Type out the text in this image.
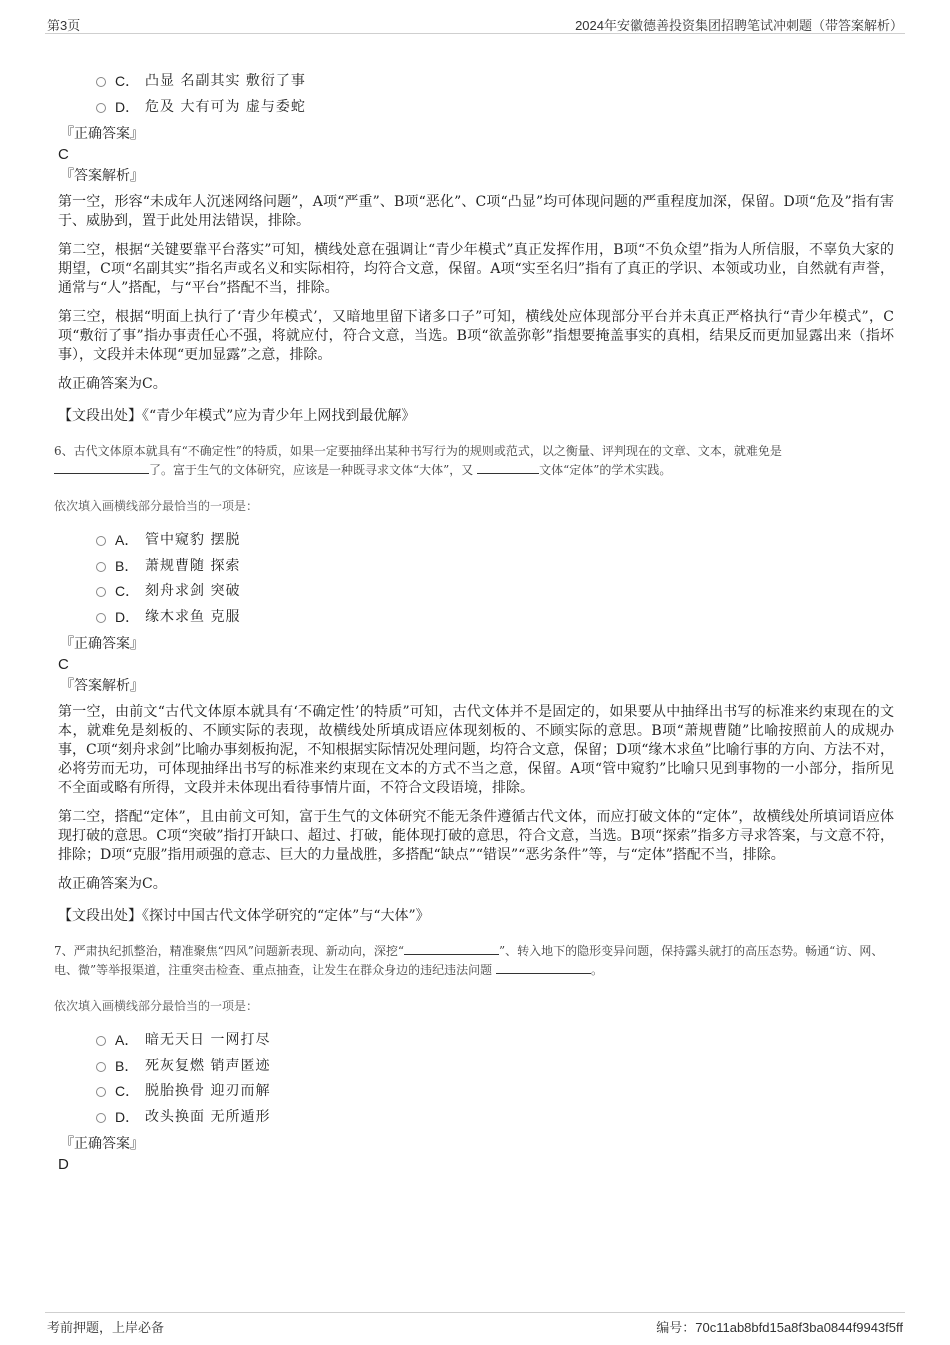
第3页	2024年安徽德善投资集团招聘笔试冲刺题（带答案解析）
C． 凸显 名副其实 敷衍了事
D． 危及 大有可为 虚与委蛇
『正确答案』
C
『答案解析』

第一空，形容“未成年人沉迷网络问题”，A项“严重”、B项“恶化”、C项“凸显”均可体现问题的严重程度加深，保留。D项“危及”指有害于、威胁到，置于此处用法错误，排除。

第二空，根据“关键要靠平台落实”可知，横线处意在强调让“青少年模式”真正发挥作用，B项“不负众望”指为人所信服，不辜负大家的期望，C项“名副其实”指名声或名义和实际相符，均符合文意，保留。A项“实至名归”指有了真正的学识、本领或功业，自然就有声誉，通常与“人”搭配，与“平台”搭配不当，排除。

第三空，根据“明面上执行了‘青少年模式’，又暗地里留下诸多口子”可知，横线处应体现部分平台并未真正严格执行“青少年模式”，C项“敷衍了事”指办事责任心不强，将就应付，符合文意，当选。B项“欲盖弥彰”指想要掩盖事实的真相，结果反而更加显露出来（指坏事），文段并未体现“更加显露”之意，排除。

故正确答案为C。

【文段出处】《“青少年模式”应为青少年上网找到最优解》
6、古代文体原本就具有“不确定性”的特质，如果一定要抽绎出某种书写行为的规则或范式，以之衡量、评判现在的文章、文本，就难免是
了。富于生气的文体研究，应该是一种既寻求文体“大体”，又	文体“定体”的学术实践。
依次填入画横线部分最恰当的一项是：
A． 管中窥豹 摆脱
B． 萧规曹随 探索
C． 刻舟求剑 突破
D． 缘木求鱼 克服
『正确答案』
C
『答案解析』

第一空，由前文“古代文体原本就具有‘不确定性’的特质”可知，古代文体并不是固定的，如果要从中抽绎出书写的标准来约束现在的文本，就难免是刻板的、不顾实际的表现，故横线处所填成语应体现刻板的、不顾实际的意思。B项“萧规曹随”比喻按照前人的成规办事，C项“刻舟求剑”比喻办事刻板拘泥，不知根据实际情况处理问题，均符合文意，保留；D项“缘木求鱼”比喻行事的方向、方法不对，必将劳而无功，可体现抽绎出书写的标准来约束现在文本的方式不当之意，保留。A项“管中窥豹”比喻只见到事物的一小部分，指所见不全面或略有所得，文段并未体现出看待事情片面，不符合文段语境，排除。

第二空，搭配“定体”，且由前文可知，富于生气的文体研究不能无条件遵循古代文体，而应打破文体的“定体”，故横线处所填词语应体现打破的意思。C项“突破”指打开缺口、超过、打破，能体现打破的意思，符合文意，当选。B项“探索”指多方寻求答案，与文意不符，排除；D项“克服”指用顽强的意志、巨大的力量战胜，多搭配“缺点”“错误”“恶劣条件”等，与“定体”搭配不当，排除。

故正确答案为C。

【文段出处】《探讨中国古代文体学研究的“定体”与“大体”》
7、严肃执纪抓整治，精准聚焦“四风”问题新表现、新动向，深挖“	”、转入地下的隐形变异问题，保持露头就打的高压态势。畅通“访、网、电、微”等举报渠道，注重突击检查、重点抽查，让发生在群众身边的违纪违法问题	。
依次填入画横线部分最恰当的一项是：
A． 暗无天日 一网打尽
B． 死灰复燃 销声匿迹
C． 脱胎换骨 迎刃而解
D． 改头换面 无所遁形
『正确答案』
D
考前押题，上岸必备	编号：70c11ab8bfd15a8f3ba0844f9943f5ff
